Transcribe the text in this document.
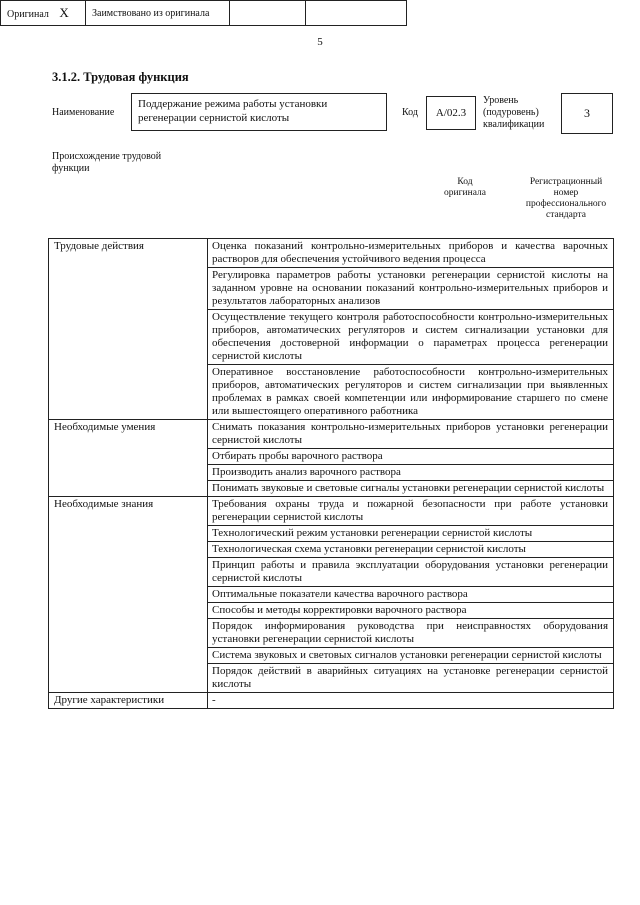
5
3.1.2. Трудовая функция
Наименование
Поддержание режима работы установки регенерации сернистой кислоты	Код	А/02.3
Уровень
(подуровень)
квалификации
3
Происхождение трудовой
функции
Оригинал X	Заимствовано из оригинала		
Код
оригинала
Регистрационный
номер
профессионального
стандарта
Трудовые действия	Оценка показаний контрольно-измерительных приборов и качества варочных растворов для обеспечения устойчивого ведения процесса
	Регулировка параметров работы установки регенерации сернистой кислоты на заданном уровне на основании показаний контрольно-измерительных приборов и результатов лабораторных анализов
	Осуществление текущего контроля работоспособности контрольно-измерительных приборов, автоматических регуляторов и систем сигнализации установки для обеспечения достоверной информации о параметрах процесса регенерации сернистой кислоты
	Оперативное восстановление работоспособности контрольно-измерительных приборов, автоматических регуляторов и систем сигнализации при выявленных проблемах в рамках своей компетенции или информирование старшего по смене или вышестоящего оперативного работника
Необходимые умения	Снимать показания контрольно-измерительных приборов установки регенерации сернистой кислоты
	Отбирать пробы варочного раствора
	Производить анализ варочного раствора
	Понимать звуковые и световые сигналы установки регенерации сернистой кислоты
Необходимые знания	Требования охраны труда и пожарной безопасности при работе установки регенерации сернистой кислоты
	Технологический режим установки регенерации сернистой кислоты
	Технологическая схема установки регенерации сернистой кислоты
	Принцип работы и правила эксплуатации оборудования установки регенерации сернистой кислоты
	Оптимальные показатели качества варочного раствора
	Способы и методы корректировки варочного раствора
	Порядок информирования руководства при неисправностях оборудования установки регенерации сернистой кислоты
	Система звуковых и световых сигналов установки регенерации сернистой кислоты
	Порядок действий в аварийных ситуациях на установке регенерации сернистой кислоты
Другие характеристики	-
